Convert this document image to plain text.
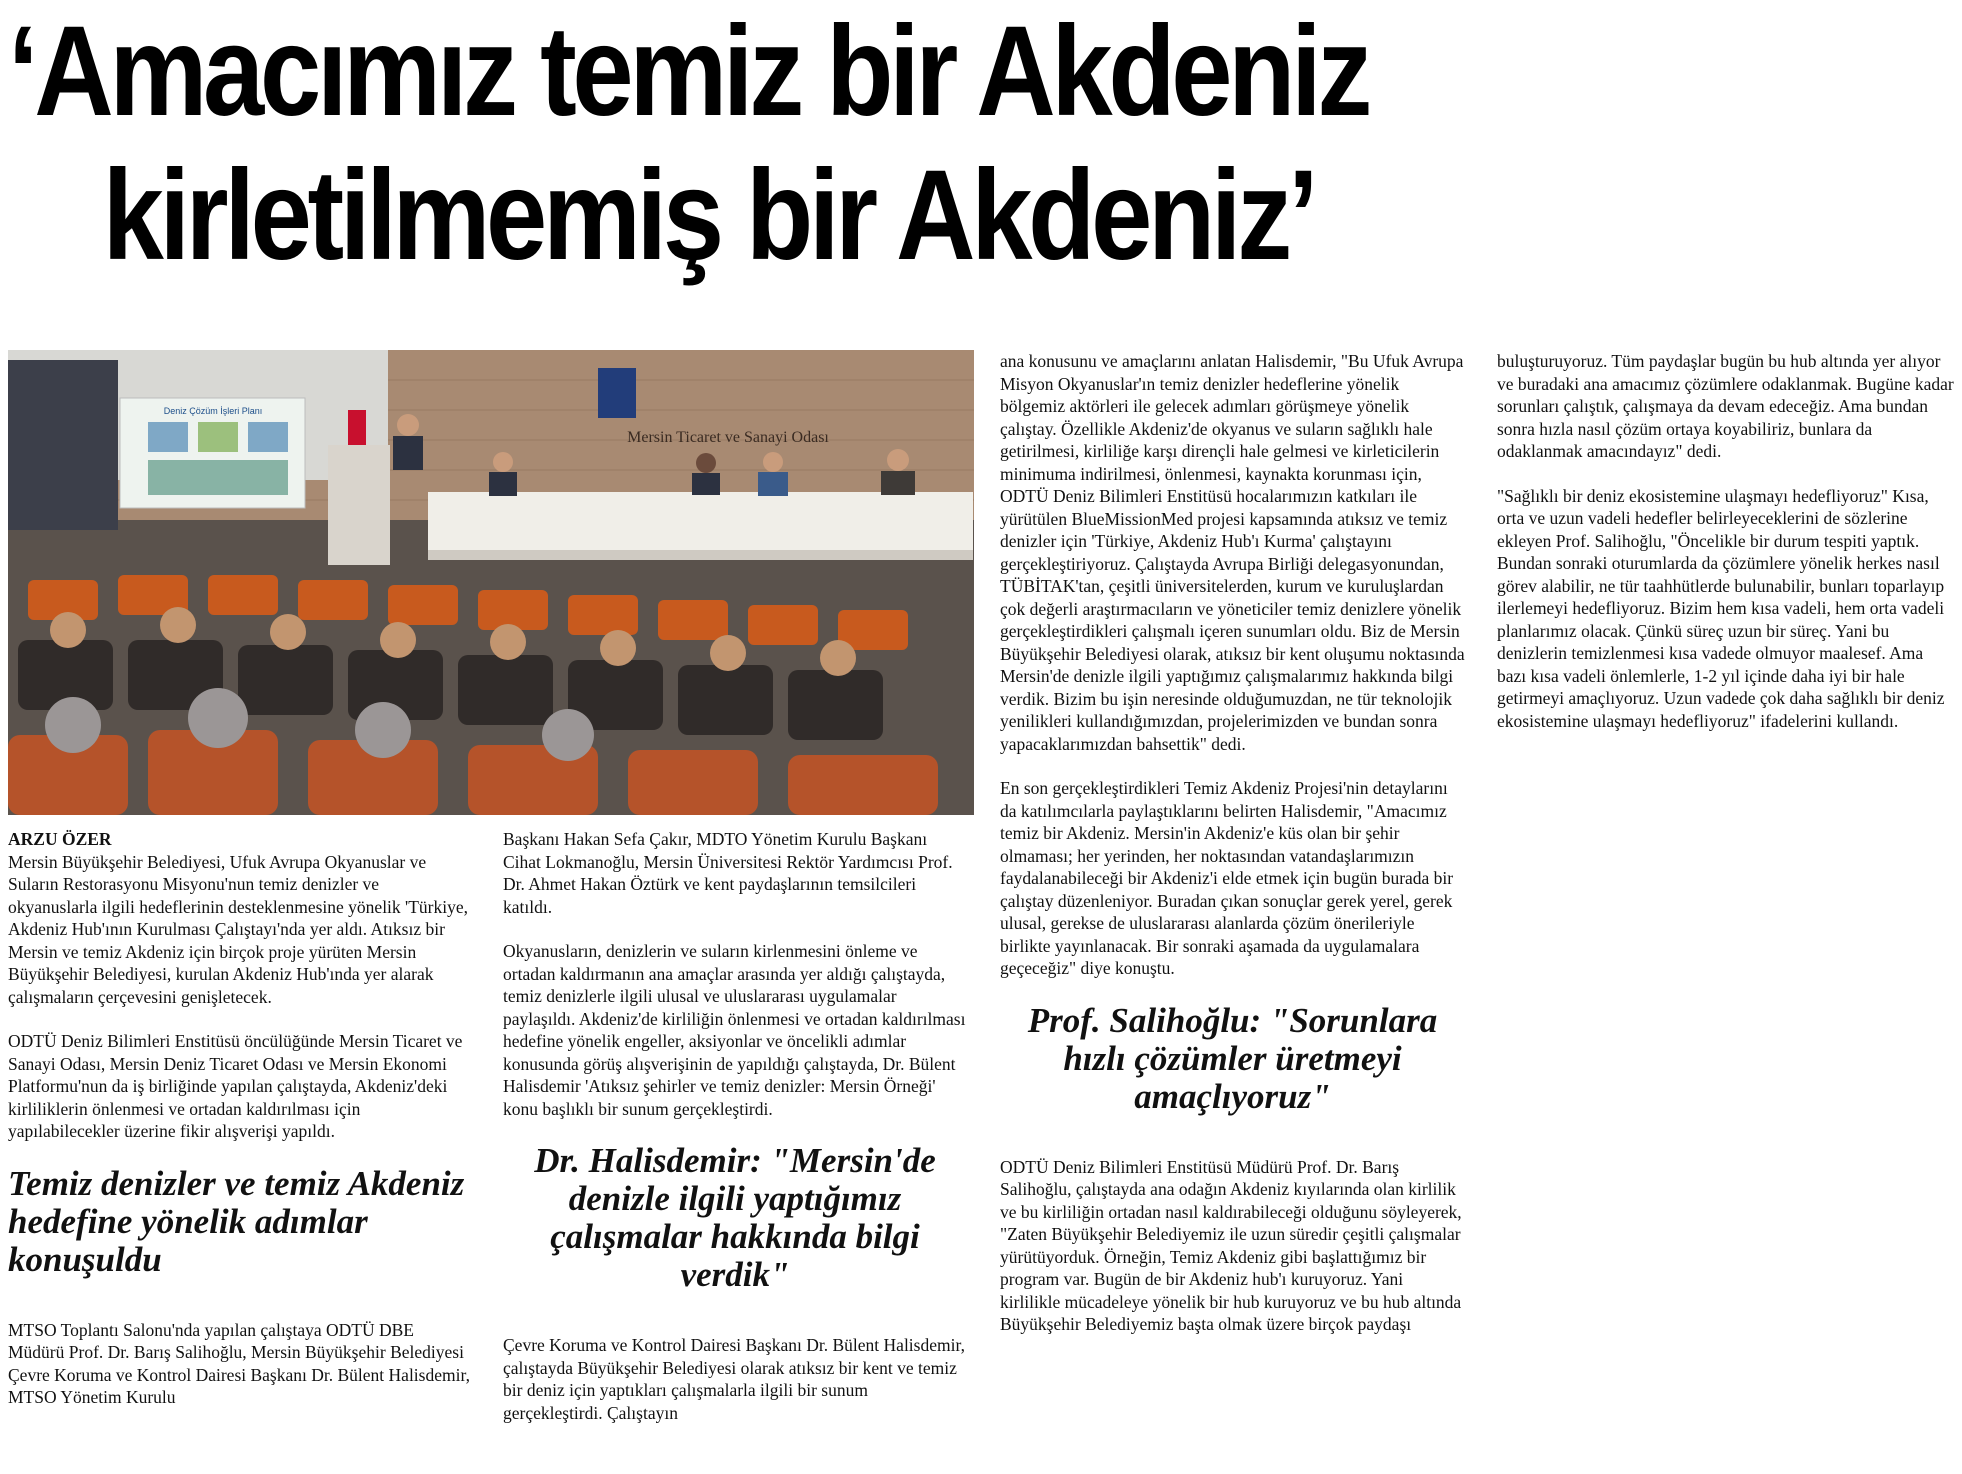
‘Amacımız temiz bir Akdeniz
kirletilmemiş bir Akdeniz’
Deniz Çözüm İşleri Planı
Mersin Ticaret ve Sanayi Odası
ARZU ÖZER

Mersin Büyükşehir Belediyesi, Ufuk Avrupa Okyanuslar ve Suların Restorasyonu Misyonu'nun temiz denizler ve okyanuslarla ilgili hedeflerinin desteklenmesine yönelik 'Türkiye, Akdeniz Hub'ının Kurulması Çalıştayı'nda yer aldı. Atıksız bir Mersin ve temiz Akdeniz için birçok proje yürüten Mersin Büyükşehir Belediyesi, kurulan Akdeniz Hub'ında yer alarak çalışmaların çerçevesini genişletecek.

ODTÜ Deniz Bilimleri Enstitüsü öncülüğünde Mersin Ticaret ve Sanayi Odası, Mersin Deniz Ticaret Odası ve Mersin Ekonomi Platformu'nun da iş birliğinde yapılan çalıştayda, Akdeniz'deki kirliliklerin önlenmesi ve ortadan kaldırılması için yapılabilecekler üzerine fikir alışverişi yapıldı.

Temiz denizler ve temiz Akdeniz hedefine yönelik adımlar konuşuldu

MTSO Toplantı Salonu'nda yapılan çalıştaya ODTÜ DBE Müdürü Prof. Dr. Barış Salihoğlu, Mersin Büyükşehir Belediyesi Çevre Koruma ve Kontrol Dairesi Başkanı Dr. Bülent Halisdemir, MTSO Yönetim Kurulu

Başkanı Hakan Sefa Çakır, MDTO Yönetim Kurulu Başkanı Cihat Lokmanoğlu, Mersin Üniversitesi Rektör Yardımcısı Prof. Dr. Ahmet Hakan Öztürk ve kent paydaşlarının temsilcileri katıldı.

Okyanusların, denizlerin ve suların kirlenmesini önleme ve ortadan kaldırmanın ana amaçlar arasında yer aldığı çalıştayda, temiz denizlerle ilgili ulusal ve uluslararası uygulamalar paylaşıldı. Akdeniz'de kirliliğin önlenmesi ve ortadan kaldırılması hedefine yönelik engeller, aksiyonlar ve öncelikli adımlar konusunda görüş alışverişinin de yapıldığı çalıştayda, Dr. Bülent Halisdemir 'Atıksız şehirler ve temiz denizler: Mersin Örneği' konu başlıklı bir sunum gerçekleştirdi.

Dr. Halisdemir: "Mersin'de denizle ilgili yaptığımız çalışmalar hakkında bilgi verdik"

Çevre Koruma ve Kontrol Dairesi Başkanı Dr. Bülent Halisdemir, çalıştayda Büyükşehir Belediyesi olarak atıksız bir kent ve temiz bir deniz için yaptıkları çalışmalarla ilgili bir sunum gerçekleştirdi. Çalıştayın

ana konusunu ve amaçlarını anlatan Halisdemir, "Bu Ufuk Avrupa Misyon Okyanuslar'ın temiz denizler hedeflerine yönelik bölgemiz aktörleri ile gelecek adımları görüşmeye yönelik çalıştay. Özellikle Akdeniz'de okyanus ve suların sağlıklı hale getirilmesi, kirliliğe karşı dirençli hale gelmesi ve kirleticilerin minimuma indirilmesi, önlenmesi, kaynakta korunması için, ODTÜ Deniz Bilimleri Enstitüsü hocalarımızın katkıları ile yürütülen BlueMissionMed projesi kapsamında atıksız ve temiz denizler için 'Türkiye, Akdeniz Hub'ı Kurma' çalıştayını gerçekleştiriyoruz. Çalıştayda Avrupa Birliği delegasyonundan, TÜBİTAK'tan, çeşitli üniversitelerden, kurum ve kuruluşlardan çok değerli araştırmacıların ve yöneticiler temiz denizlere yönelik gerçekleştirdikleri çalışmalı içeren sunumları oldu. Biz de Mersin Büyükşehir Belediyesi olarak, atıksız bir kent oluşumu noktasında Mersin'de denizle ilgili yaptığımız çalışmalarımız hakkında bilgi verdik. Bizim bu işin neresinde olduğumuzdan, ne tür teknolojik yenilikleri kullandığımızdan, projelerimizden ve bundan sonra yapacaklarımızdan bahsettik" dedi.

En son gerçekleştirdikleri Temiz Akdeniz Projesi'nin detaylarını da katılımcılarla paylaştıklarını belirten Halisdemir, "Amacımız temiz bir Akdeniz. Mersin'in Akdeniz'e küs olan bir şehir olmaması; her yerinden, her noktasından vatandaşlarımızın faydalanabileceği bir Akdeniz'i elde etmek için bugün burada bir çalıştay düzenleniyor. Buradan çıkan sonuçlar gerek yerel, gerek ulusal, gerekse de uluslararası alanlarda çözüm önerileriyle birlikte yayınlanacak. Bir sonraki aşamada da uygulamalara geçeceğiz" diye konuştu.

Prof. Salihoğlu: "Sorunlara hızlı çözümler üretmeyi amaçlıyoruz"

ODTÜ Deniz Bilimleri Enstitüsü Müdürü Prof. Dr. Barış Salihoğlu, çalıştayda ana odağın Akdeniz kıyılarında olan kirlilik ve bu kirliliğin ortadan nasıl kaldırabileceği olduğunu söyleyerek, "Zaten Büyükşehir Belediyemiz ile uzun süredir çeşitli çalışmalar yürütüyorduk. Örneğin, Temiz Akdeniz gibi başlattığımız bir program var. Bugün de bir Akdeniz hub'ı kuruyoruz. Yani kirlilikle mücadeleye yönelik bir hub kuruyoruz ve bu hub altında Büyükşehir Belediyemiz başta olmak üzere birçok paydaşı

buluşturuyoruz. Tüm paydaşlar bugün bu hub altında yer alıyor ve buradaki ana amacımız çözümlere odaklanmak. Bugüne kadar sorunları çalıştık, çalışmaya da devam edeceğiz. Ama bundan sonra hızla nasıl çözüm ortaya koyabiliriz, bunlara da odaklanmak amacındayız" dedi.

"Sağlıklı bir deniz ekosistemine ulaşmayı hedefliyoruz" Kısa, orta ve uzun vadeli hedefler belirleyeceklerini de sözlerine ekleyen Prof. Salihoğlu, "Öncelikle bir durum tespiti yaptık. Bundan sonraki oturumlarda da çözümlere yönelik herkes nasıl görev alabilir, ne tür taahhütlerde bulunabilir, bunları toparlayıp ilerlemeyi hedefliyoruz. Bizim hem kısa vadeli, hem orta vadeli planlarımız olacak. Çünkü süreç uzun bir süreç. Yani bu denizlerin temizlenmesi kısa vadede olmuyor maalesef. Ama bazı kısa vadeli önlemlerle, 1-2 yıl içinde daha iyi bir hale getirmeyi amaçlıyoruz. Uzun vadede çok daha sağlıklı bir deniz ekosistemine ulaşmayı hedefliyoruz" ifadelerini kullandı.
